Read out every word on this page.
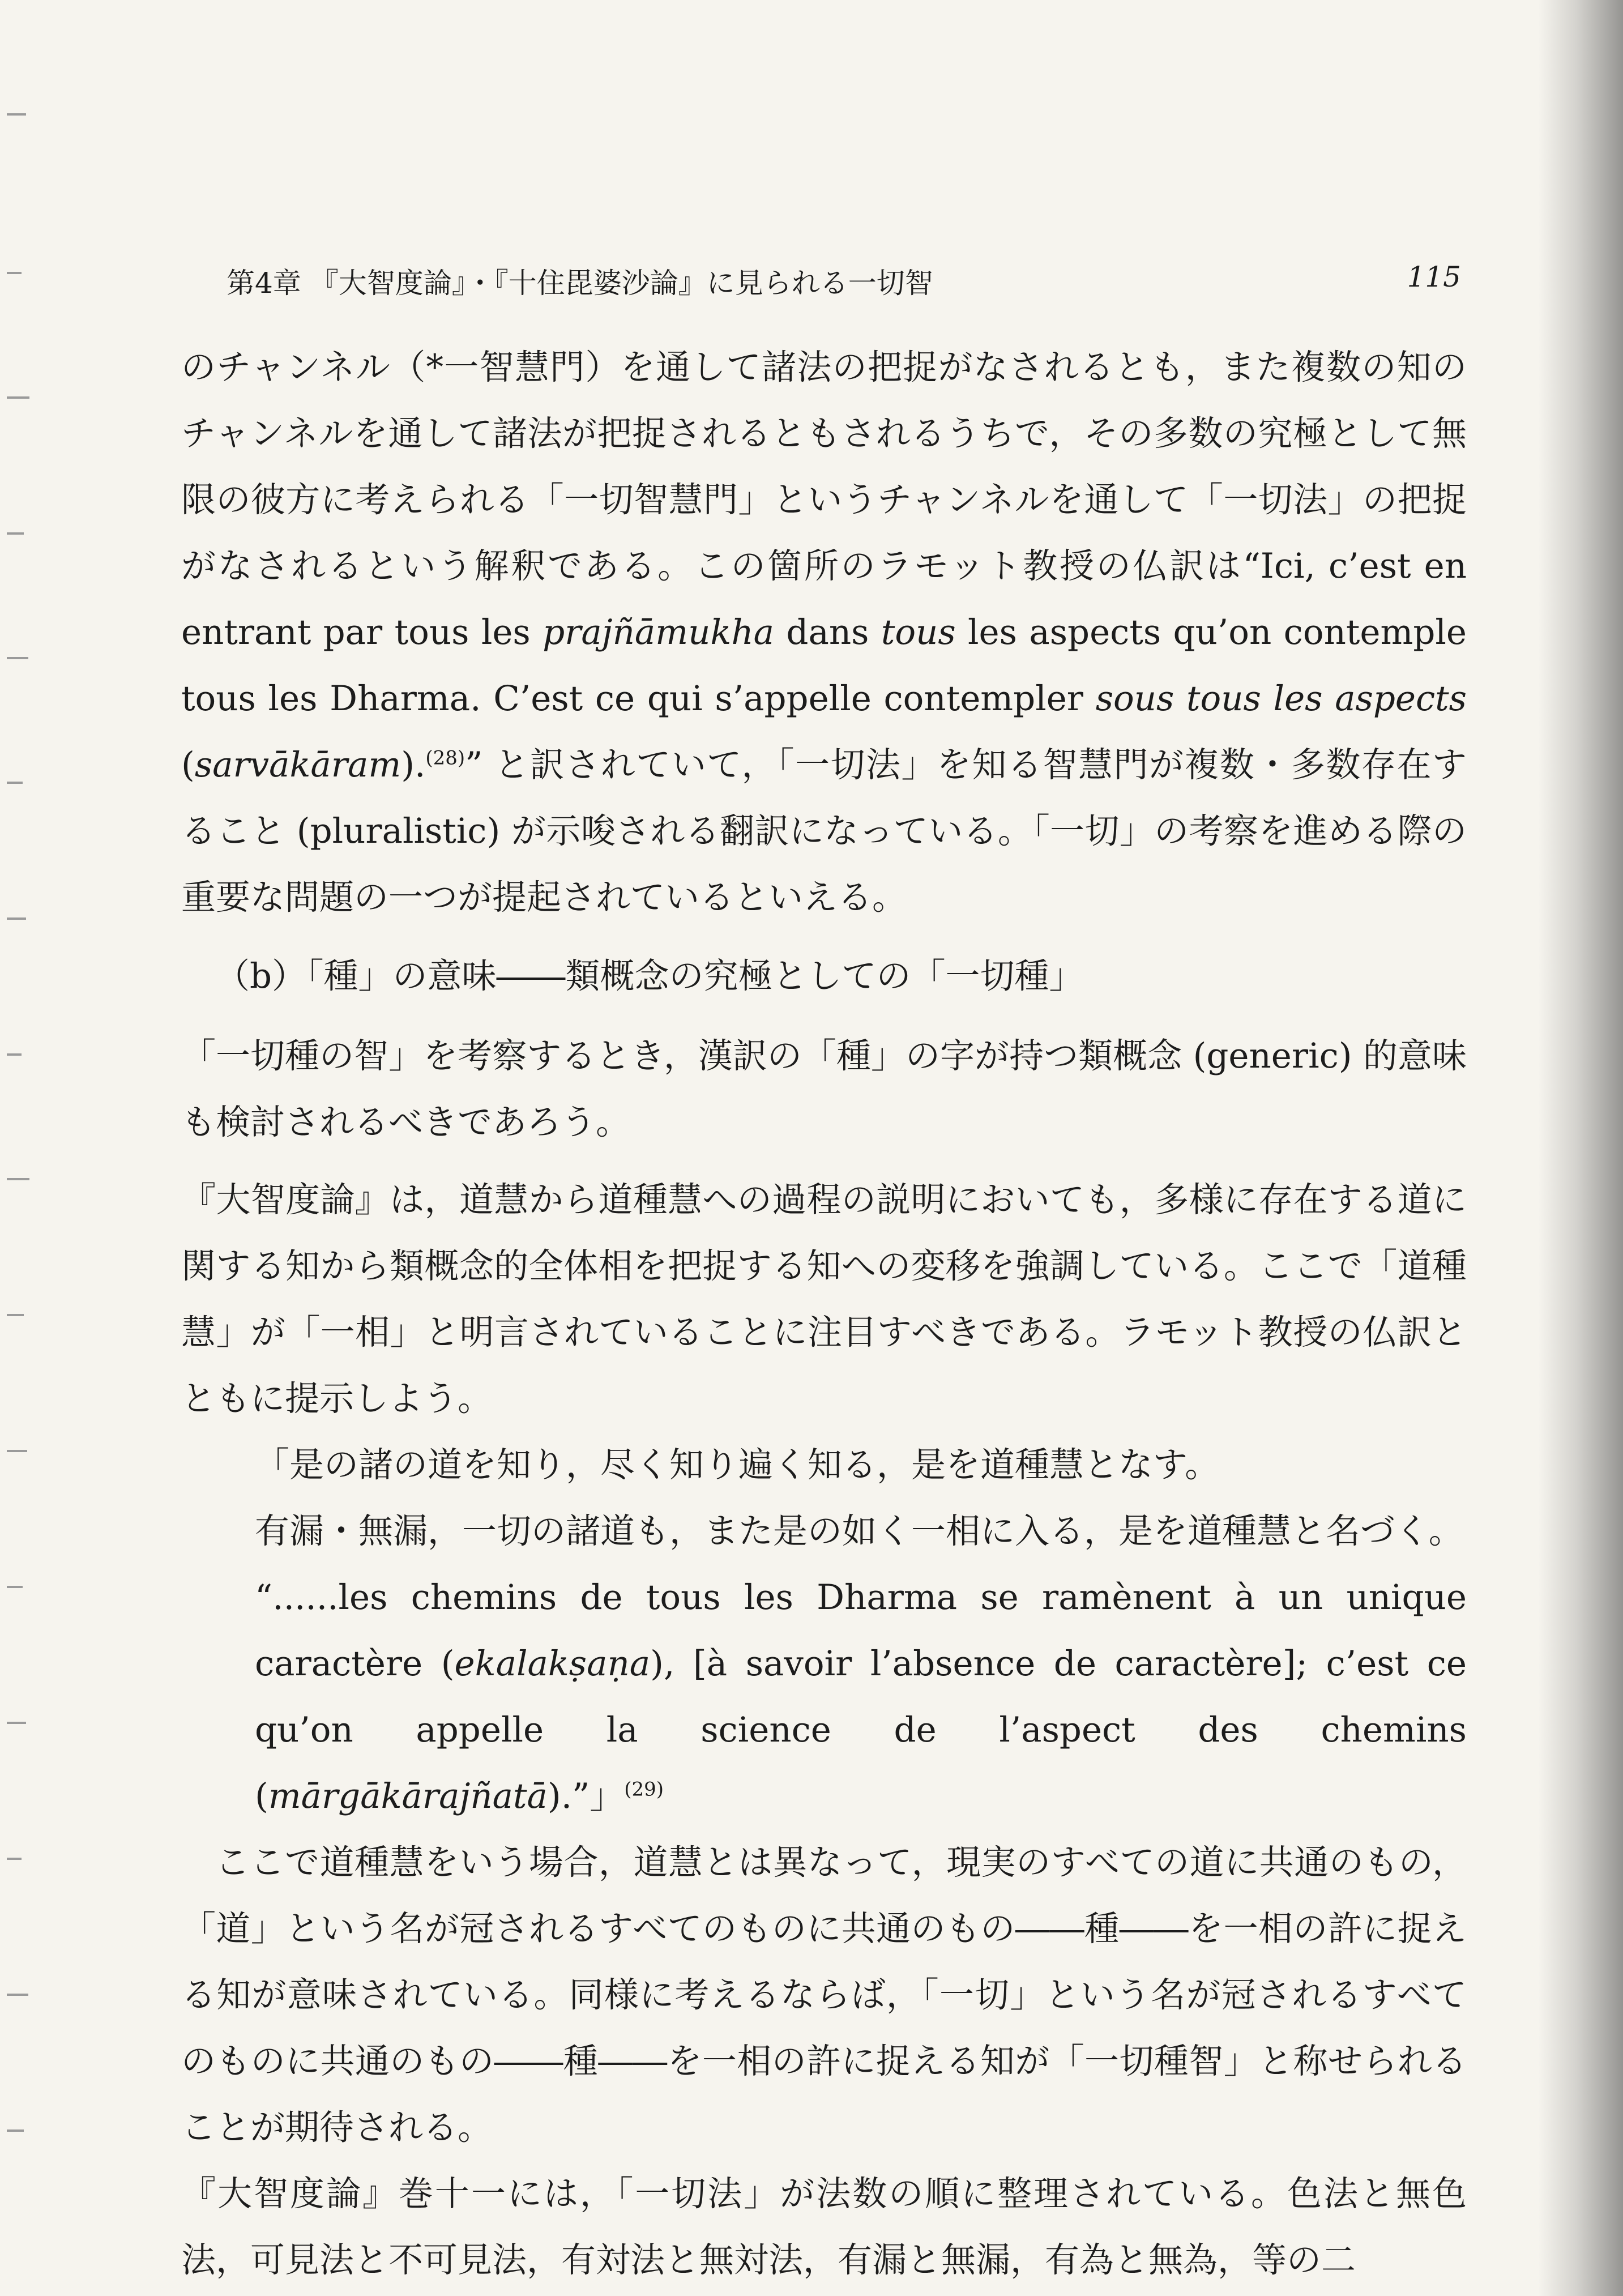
第4章 『大智度論』・『十住毘婆沙論』に見られる一切智	115

のチャンネル（*一智慧門）を通して諸法の把捉がなされるとも，また複数の知のチャンネルを通して諸法が把捉されるともされるうちで，その多数の究極として無限の彼方に考えられる「一切智慧門」というチャンネルを通して「一切法」の把捉がなされるという解釈である。この箇所のラモット教授の仏訳は“Ici, c’est en entrant par tous les prajñāmukha dans tous les aspects qu’on contemple tous les Dharma. C’est ce qui s’appelle contempler sous tous les aspects (sarvākāram).$^{(28)}$” と訳されていて，「一切法」を知る智慧門が複数・多数存在すること (pluralistic) が示唆される翻訳になっている。「一切」の考察を進める際の重要な問題の一つが提起されているといえる。

（b）「種」の意味――類概念の究極としての「一切種」

「一切種の智」を考察するとき，漢訳の「種」の字が持つ類概念 (generic) 的意味も検討されるべきであろう。

『大智度論』は，道慧から道種慧への過程の説明においても，多様に存在する道に関する知から類概念的全体相を把捉する知への変移を強調している。ここで「道種慧」が「一相」と明言されていることに注目すべきである。ラモット教授の仏訳とともに提示しよう。

「是の諸の道を知り，尽く知り遍く知る，是を道種慧となす。

有漏・無漏，一切の諸道も，また是の如く一相に入る，是を道種慧と名づく。

“......les chemins de tous les Dharma se ramènent à un unique caractère (ekalakṣaṇa), [à savoir l’absence de caractère]; c’est ce qu’on appelle la science de l’aspect des chemins (mārgākārajñatā).”」$^{(29)}$

ここで道種慧をいう場合，道慧とは異なって，現実のすべての道に共通のもの，「道」という名が冠されるすべてのものに共通のもの――種――を一相の許に捉える知が意味されている。同様に考えるならば，「一切」という名が冠されるすべてのものに共通のもの――種――を一相の許に捉える知が「一切種智」と称せられることが期待される。

『大智度論』巻十一には，「一切法」が法数の順に整理されている。色法と無色法，可見法と不可見法，有対法と無対法，有漏と無漏，有為と無為，等の二
